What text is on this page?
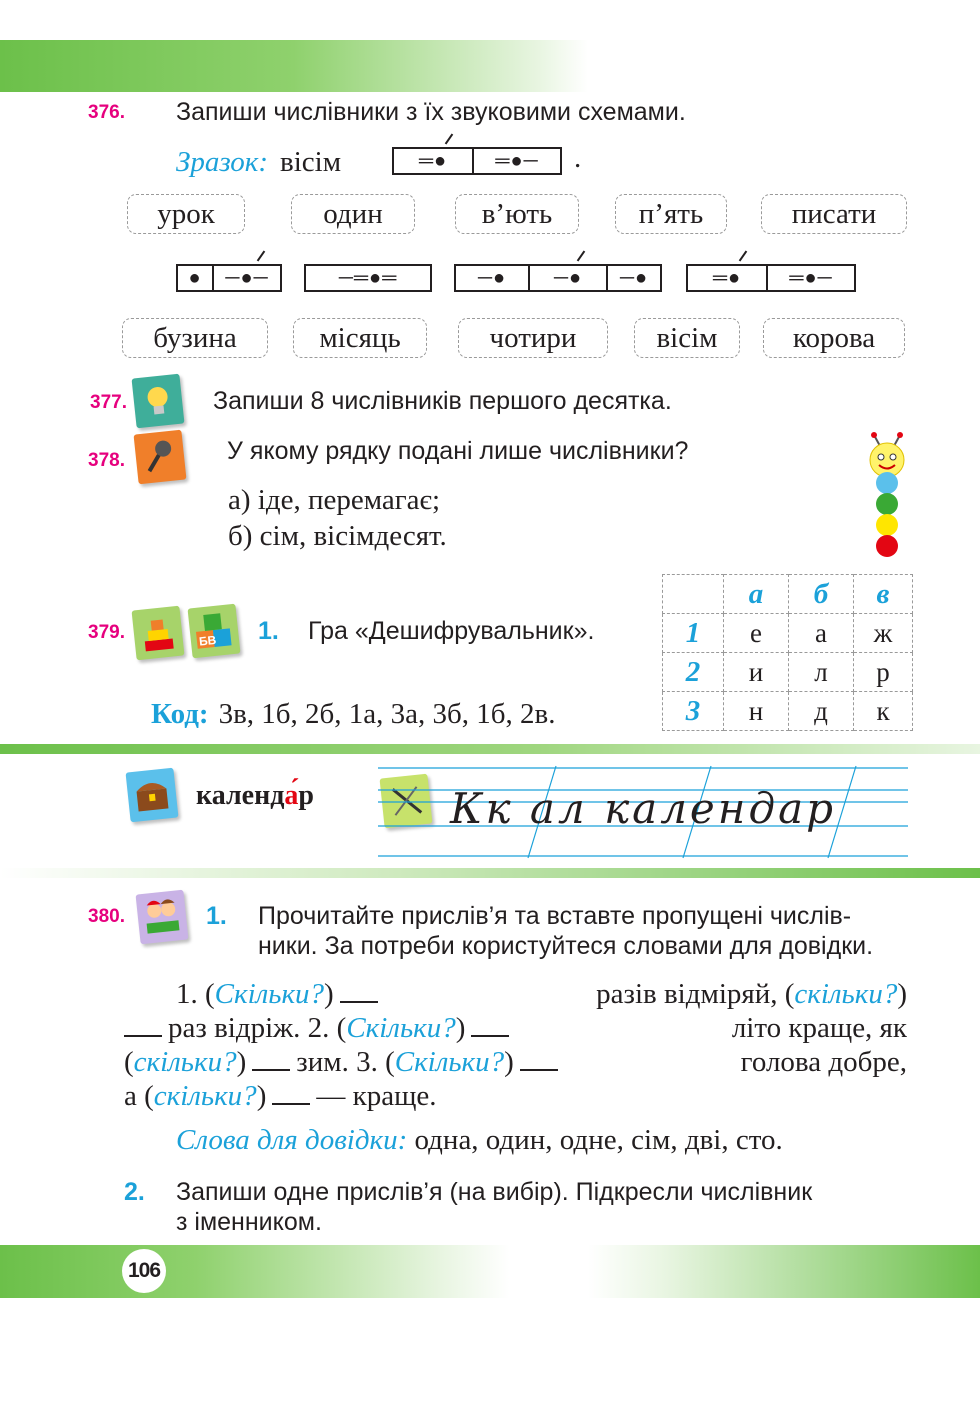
376. Запиши числівники з їх звуковими схемами.
Зразок: вісім	═● ═●─ .
урок	один	в’ють	п’ять	писати
● ─●─	─═●═	─● ─● ─●	═● ═●─
бузина	місяць	чотири	вісім	корова
377.	Запиши 8 числівників першого десятка.
378.	У якому рядку подані лише числівники?
а) іде, перемагає;
б) сім, вісімдесят.
379.	БВ 1. Гра «Дешифрувальник».
Код: 3в, 1б, 2б, 1а, 3а, 3б, 1б, 2в.
	а	б	в
1	е	а	ж
2	и	л	р
3	н	д	к
календа́р	Кк ал календар
380.	1. Прочитайте прислів’я та вставте пропущені числів-
ники. За потреби користуйтеся словами для довідки.
1. (Скільки?)	разів відміряй, (скільки?)
раз відріж. 2. (Скільки?)	літо краще, як
(скільки?) зим. 3. (Скільки?)	голова добре,
а (скільки?) — краще.
Слова для довідки: одна, один, одне, сім, дві, сто.
2. Запиши одне прислів’я (на вибір). Підкресли числівник
з іменником.
106
